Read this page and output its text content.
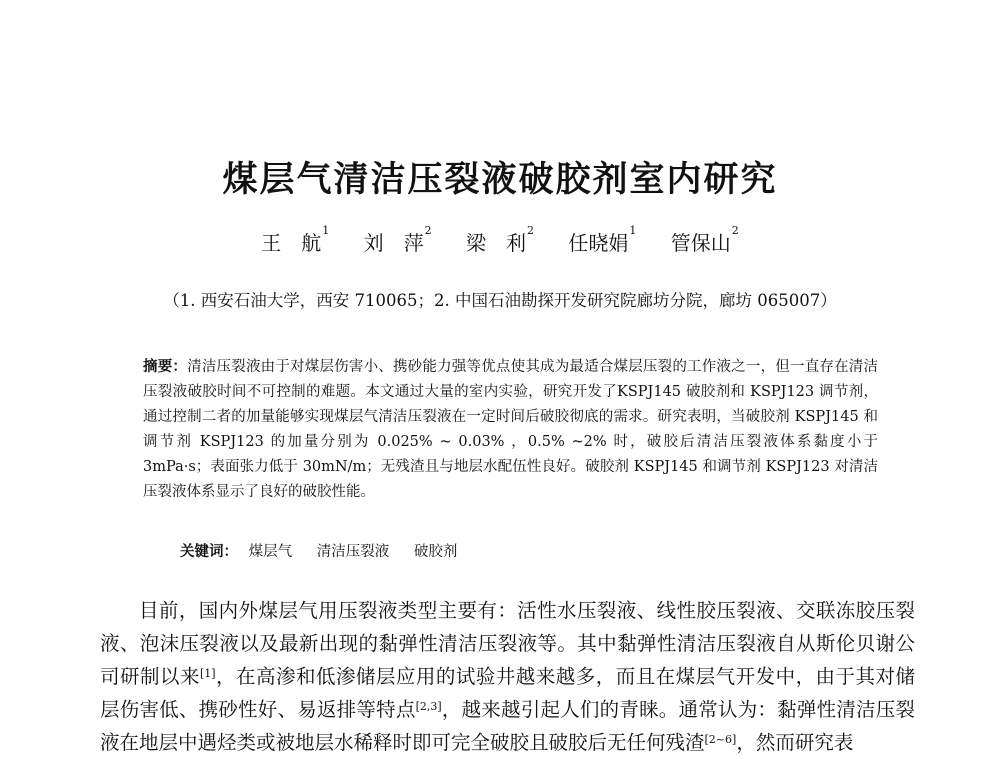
煤层气清洁压裂液破胶剂室内研究
王　航$^1$ 刘　萍$^2$ 梁　利$^2$ 任晓娟$^1$ 管保山$^2$
（1. 西安石油大学，西安 710065；2. 中国石油勘探开发研究院廊坊分院，廊坊 065007）
摘要：清洁压裂液由于对煤层伤害小、携砂能力强等优点使其成为最适合煤层压裂的工作液之一，但一直存在清洁压裂液破胶时间不可控制的难题。本文通过大量的室内实验，研究开发了KSPJ145 破胶剂和 KSPJ123 调节剂，通过控制二者的加量能够实现煤层气清洁压裂液在一定时间后破胶彻底的需求。研究表明，当破胶剂 KSPJ145 和调节剂 KSPJ123 的加量分别为 0.025% ~ 0.03% ，0.5% ~2% 时，破胶后清洁压裂液体系黏度小于 3mPa·s；表面张力低于 30mN/m；无残渣且与地层水配伍性良好。破胶剂 KSPJ145 和调节剂 KSPJ123 对清洁压裂液体系显示了良好的破胶性能。
关键词： 煤层气 清洁压裂液 破胶剂

目前，国内外煤层气用压裂液类型主要有：活性水压裂液、线性胶压裂液、交联冻胶压裂液、泡沫压裂液以及最新出现的黏弹性清洁压裂液等。其中黏弹性清洁压裂液自从斯伦贝谢公司研制以来[1]，在高渗和低渗储层应用的试验井越来越多，而且在煤层气开发中，由于其对储层伤害低、携砂性好、易返排等特点[2,3]，越来越引起人们的青睐。通常认为：黏弹性清洁压裂液在地层中遇烃类或被地层水稀释时即可完全破胶且破胶后无任何残渣[2~6]，然而研究表
